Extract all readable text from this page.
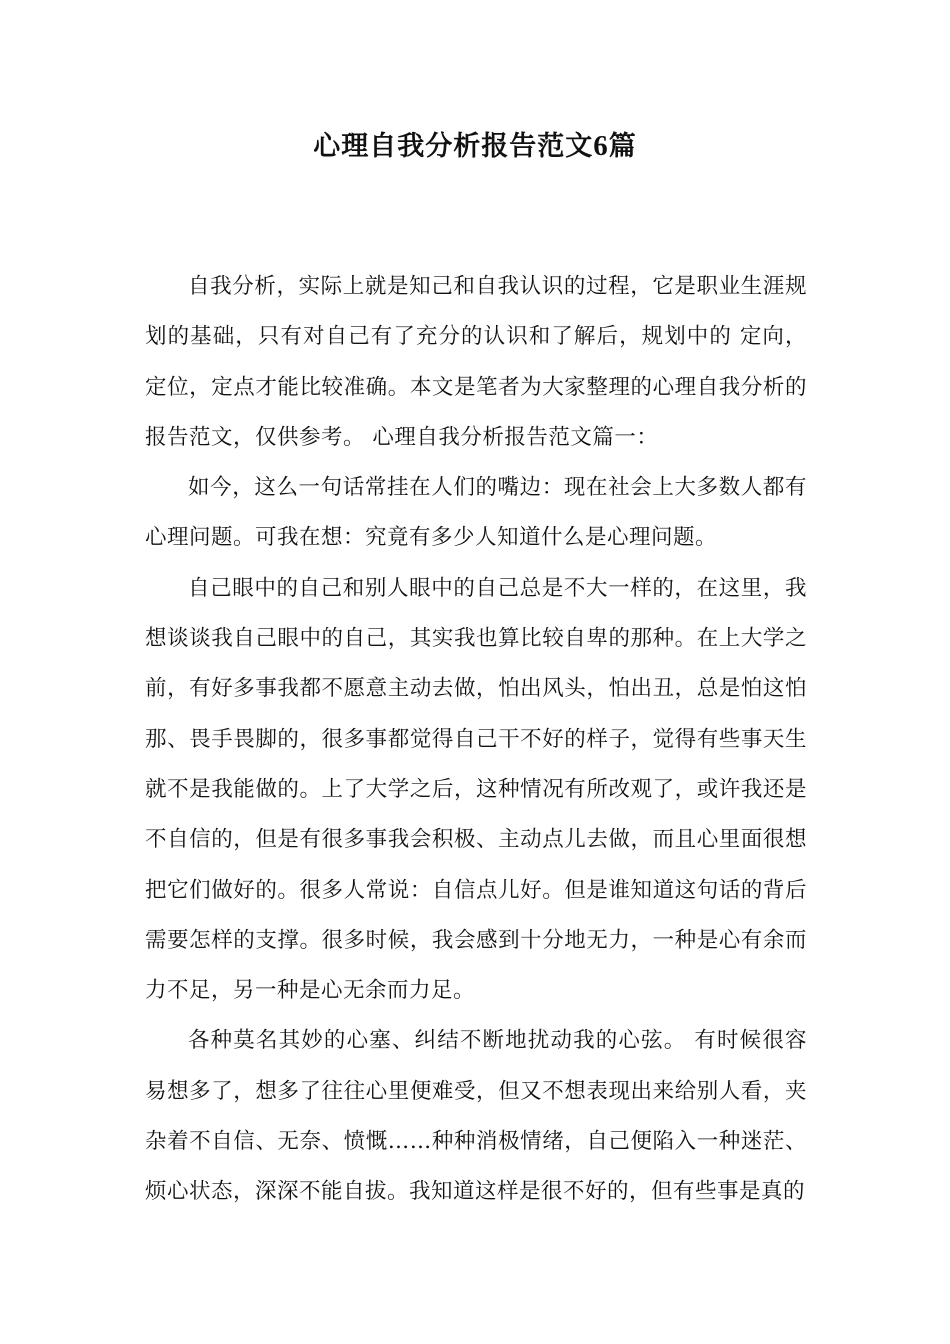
心理自我分析报告范文6篇

自我分析，实际上就是知己和自我认识的过程，它是职业生涯规划的基础，只有对自己有了充分的认识和了解后，规划中的 定向，定位，定点才能比较准确。本文是笔者为大家整理的心理自我分析的报告范文，仅供参考。 心理自我分析报告范文篇一：

如今，这么一句话常挂在人们的嘴边：现在社会上大多数人都有心理问题。可我在想：究竟有多少人知道什么是心理问题。

自己眼中的自己和别人眼中的自己总是不大一样的，在这里，我想谈谈我自己眼中的自己，其实我也算比较自卑的那种。在上大学之前，有好多事我都不愿意主动去做，怕出风头，怕出丑，总是怕这怕那、畏手畏脚的，很多事都觉得自己干不好的样子，觉得有些事天生就不是我能做的。上了大学之后，这种情况有所改观了，或许我还是不自信的，但是有很多事我会积极、主动点儿去做，而且心里面很想把它们做好的。很多人常说：自信点儿好。但是谁知道这句话的背后需要怎样的支撑。很多时候，我会感到十分地无力，一种是心有余而力不足，另一种是心无余而力足。

各种莫名其妙的心塞、纠结不断地扰动我的心弦。 有时候很容易想多了，想多了往往心里便难受，但又不想表现出来给别人看，夹杂着不自信、无奈、愤慨……种种消极情绪，自己便陷入一种迷茫、烦心状态，深深不能自拔。我知道这样是很不好的，但有些事是真的
